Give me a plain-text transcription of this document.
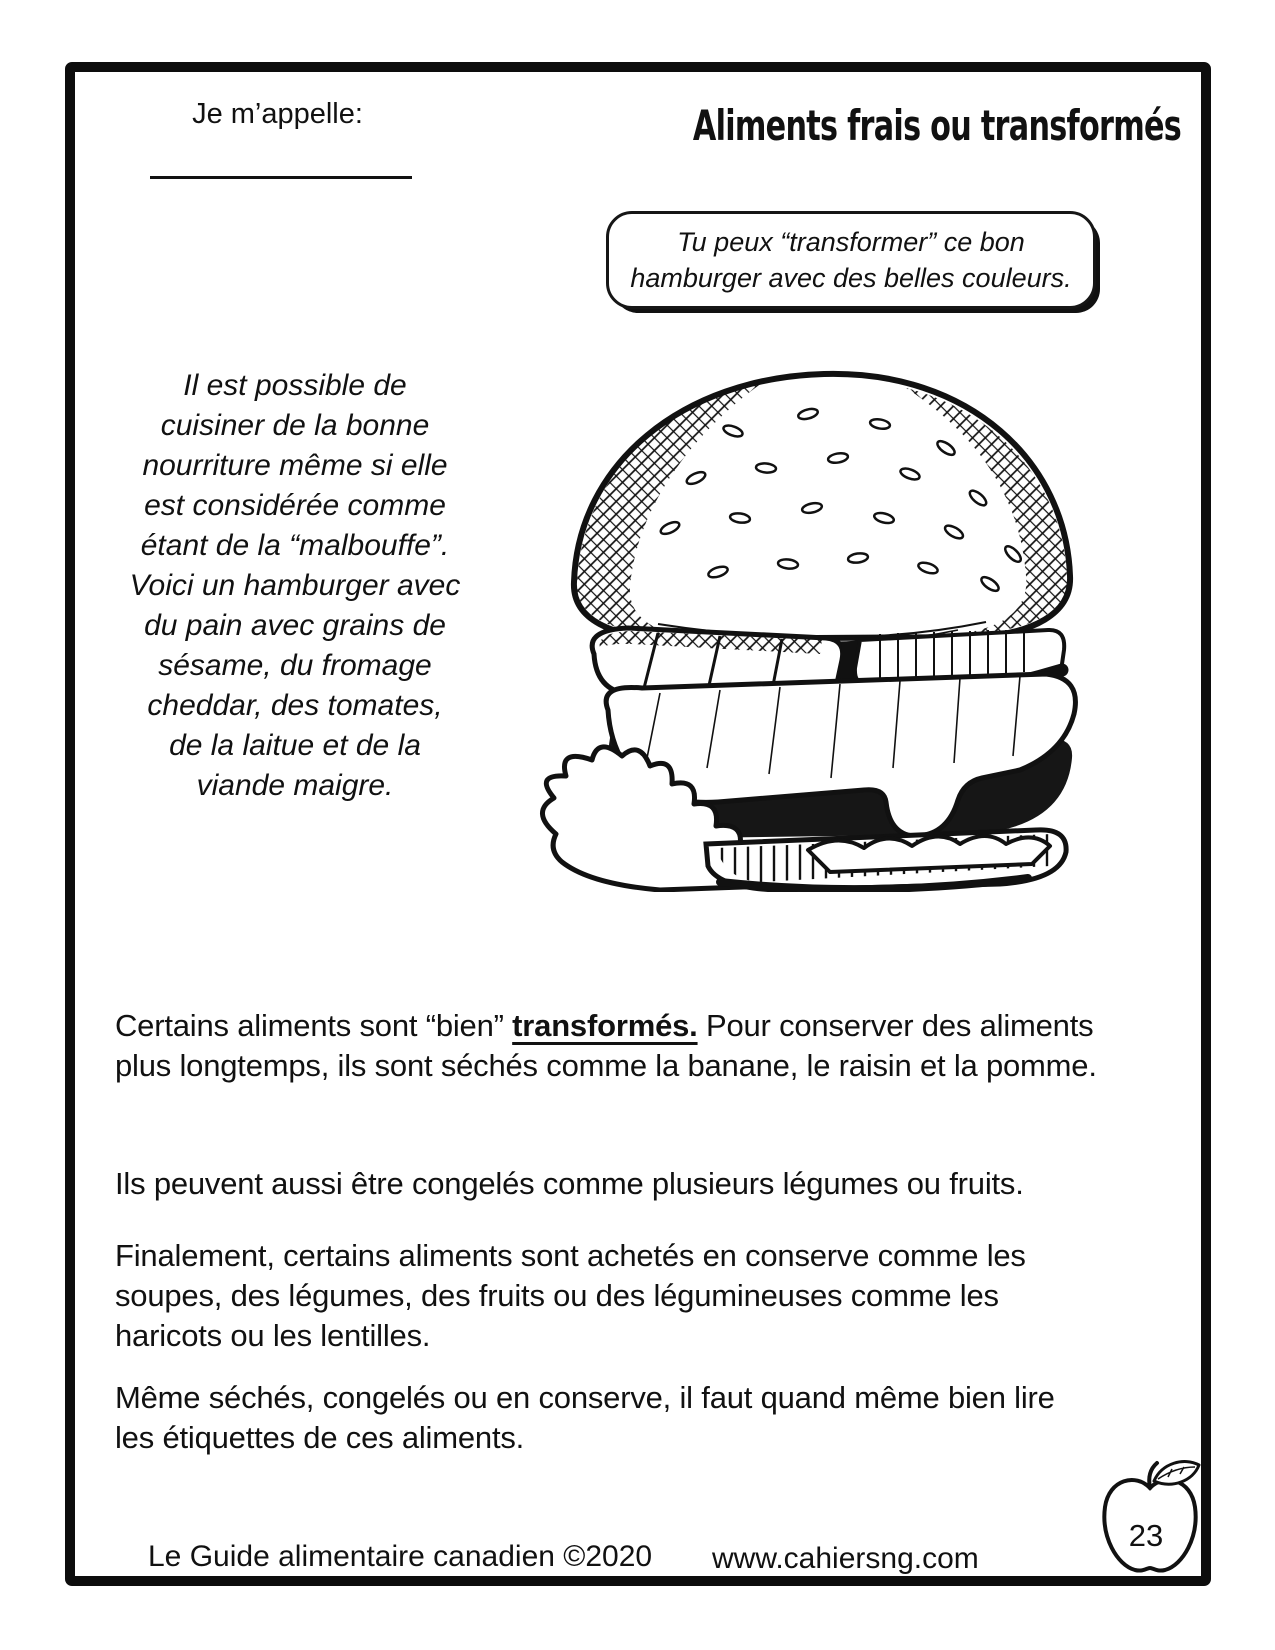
Je m’appelle:	Aliments frais ou transformés
Tu peux “transformer” ce bon
hamburger avec des belles couleurs.
Il est possible de
cuisiner de la bonne
nourriture même si elle
est considérée comme
étant de la “malbouffe”.
Voici un hamburger avec
du pain avec grains de
sésame, du fromage
cheddar, des tomates,
de la laitue et de la
viande maigre.
Certains aliments sont “bien” transformés. Pour conserver des aliments plus longtemps, ils sont séchés comme la banane, le raisin et la pomme.
Ils peuvent aussi être congelés comme plusieurs légumes ou fruits.
Finalement, certains aliments sont achetés en conserve comme les soupes, des légumes, des fruits ou des légumineuses comme les haricots ou les lentilles.
Même séchés, congelés ou en conserve, il faut quand même bien lire les étiquettes de ces aliments.
Le Guide alimentaire canadien ©2020 www.cahiersng.com
23
